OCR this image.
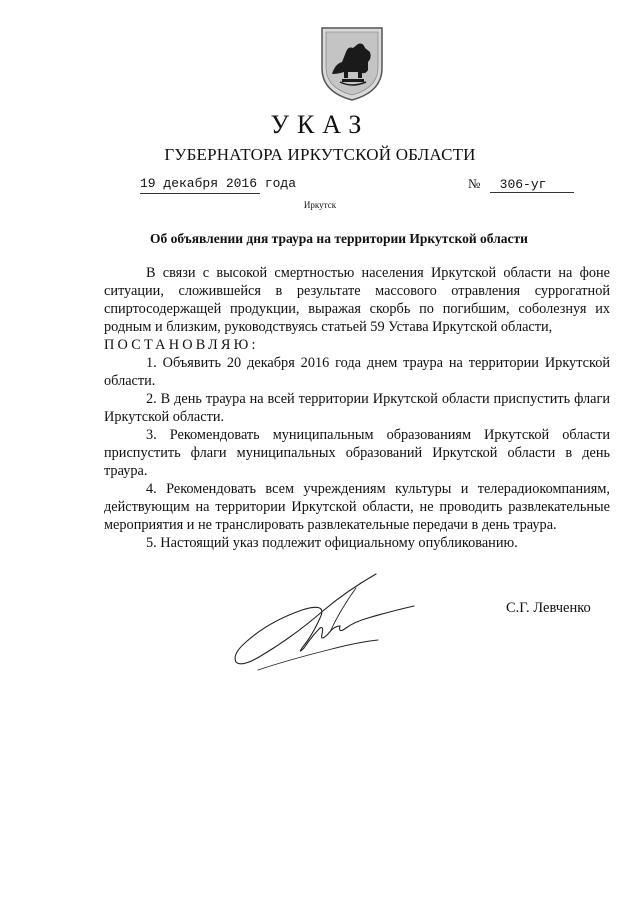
УКАЗ
ГУБЕРНАТОРА ИРКУТСКОЙ ОБЛАСТИ
19 декабря 2016 года	№ 306-уг
Иркутск
Об объявлении дня траура на территории Иркутской области

В связи с высокой смертностью населения Иркутской области на фоне ситуации, сложившейся в результате массового отравления суррогатной спиртосодержащей продукции, выражая скорбь по погибшим, соболезнуя их родным и близким, руководствуясь статьей 59 Устава Иркутской области,

ПОСТАНОВЛЯЮ:

1. Объявить 20 декабря 2016 года днем траура на территории Иркутской области.

2. В день траура на всей территории Иркутской области приспустить флаги Иркутской области.

3. Рекомендовать муниципальным образованиям Иркутской области приспустить флаги муниципальных образований Иркутской области в день траура.

4. Рекомендовать всем учреждениям культуры и телерадиокомпаниям, действующим на территории Иркутской области, не проводить развлекательные мероприятия и не транслировать развлекательные передачи в день траура.

5. Настоящий указ подлежит официальному опубликованию.

С.Г. Левченко
